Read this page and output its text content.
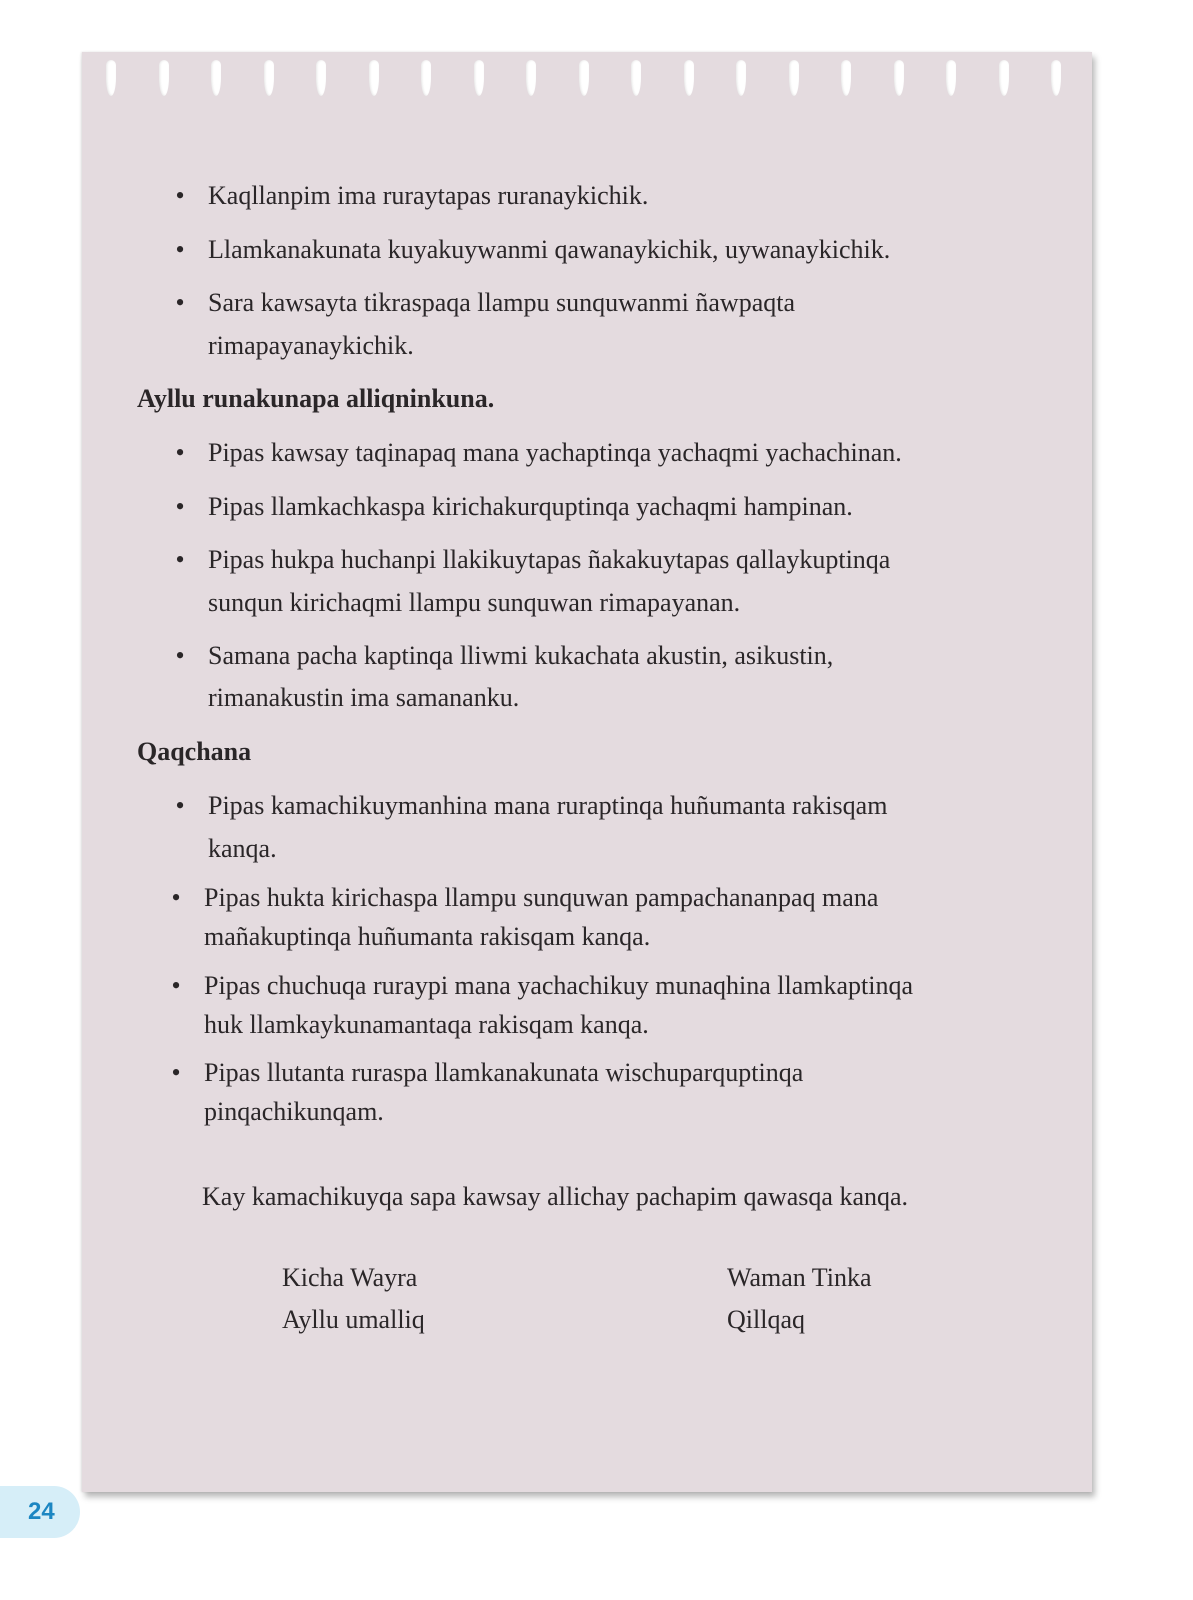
• Kaqllanpim ima ruraytapas ruranaykichik.
• Llamkanakunata kuyakuywanmi qawanaykichik, uywanaykichik.
• Sara kawsayta tikraspaqa llampu sunquwanmi ñawpaqta
rimapayanaykichik.
Ayllu runakunapa alliqninkuna.
• Pipas kawsay taqinapaq mana yachaptinqa yachaqmi yachachinan.
• Pipas llamkachkaspa kirichakurquptinqa yachaqmi hampinan.
• Pipas hukpa huchanpi llakikuytapas ñakakuytapas qallaykuptinqa
sunqun kirichaqmi llampu sunquwan rimapayanan.
• Samana pacha kaptinqa lliwmi kukachata akustin, asikustin,
rimanakustin ima samananku.
Qaqchana
• Pipas kamachikuymanhina mana ruraptinqa huñumanta rakisqam
kanqa.
• Pipas hukta kirichaspa llampu sunquwan pampachananpaq mana
mañakuptinqa huñumanta rakisqam kanqa.
• Pipas chuchuqa ruraypi mana yachachikuy munaqhina llamkaptinqa
huk llamkaykunamantaqa rakisqam kanqa.
• Pipas llutanta ruraspa llamkanakunata wischuparquptinqa
pinqachikunqam.
Kay kamachikuyqa sapa kawsay allichay pachapim qawasqa kanqa.
Kicha Wayra
Ayllu umalliq
Waman Tinka
Qillqaq
24
